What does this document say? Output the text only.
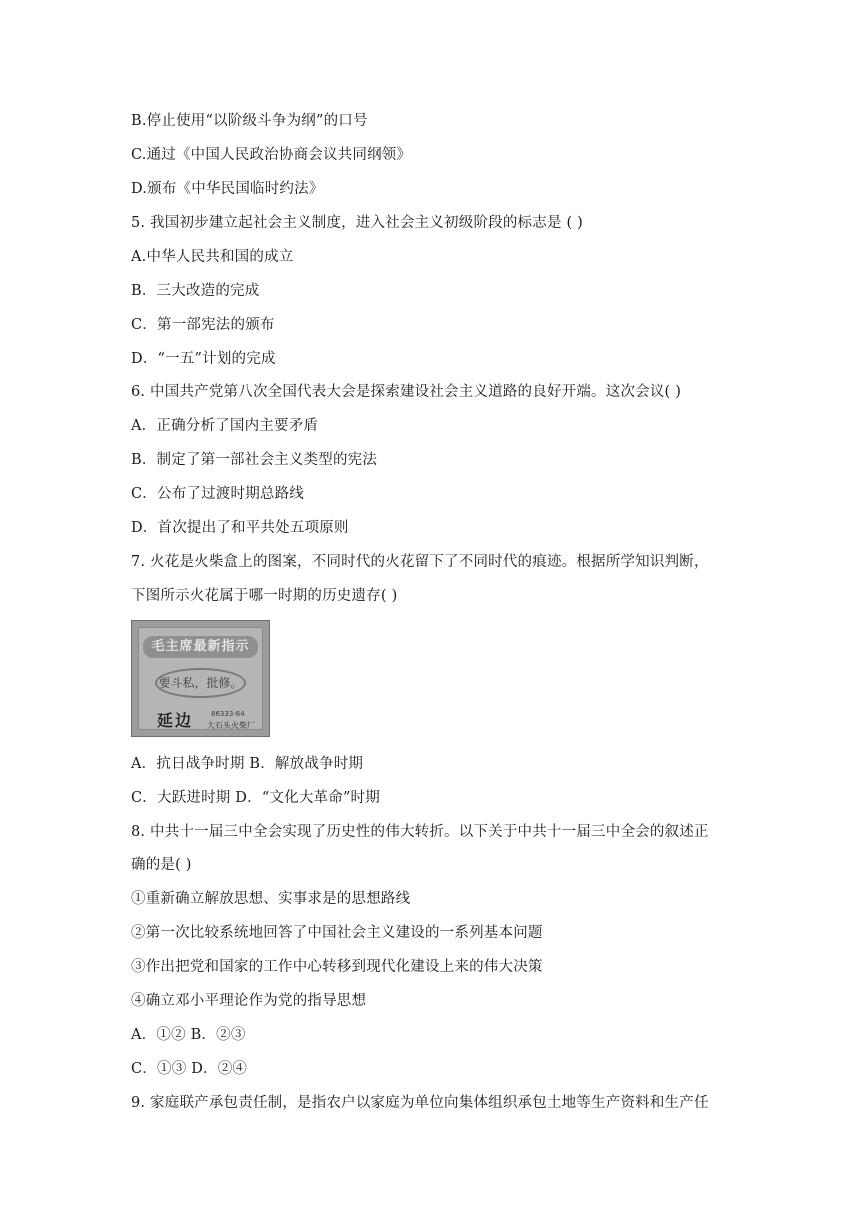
B.停止使用“以阶级斗争为纲”的口号
C.通过《中国人民政治协商会议共同纲领》
D.颁布《中华民国临时约法》
5. 我国初步建立起社会主义制度，进入社会主义初级阶段的标志是 ( )
A.中华人民共和国的成立
B．三大改造的完成
C．第一部宪法的颁布
D．“一五”计划的完成
6. 中国共产党第八次全国代表大会是探索建设社会主义道路的良好开端。这次会议( )
A．正确分析了国内主要矛盾
B．制定了第一部社会主义类型的宪法
C．公布了过渡时期总路线
D．首次提出了和平共处五项原则
7. 火花是火柴盒上的图案，不同时代的火花留下了不同时代的痕迹。根据所学知识判断，
下图所示火花属于哪一时期的历史遗存( )
毛主席最新指示
要斗私，批修。
延边	86333-64
大石头火柴厂
A．抗日战争时期 B．解放战争时期
C．大跃进时期 D．“文化大革命”时期
8. 中共十一届三中全会实现了历史性的伟大转折。以下关于中共十一届三中全会的叙述正
确的是( )
①重新确立解放思想、实事求是的思想路线
②第一次比较系统地回答了中国社会主义建设的一系列基本问题
③作出把党和国家的工作中心转移到现代化建设上来的伟大决策
④确立邓小平理论作为党的指导思想
A．①② B．②③
C．①③ D．②④
9. 家庭联产承包责任制，是指农户以家庭为单位向集体组织承包土地等生产资料和生产任
